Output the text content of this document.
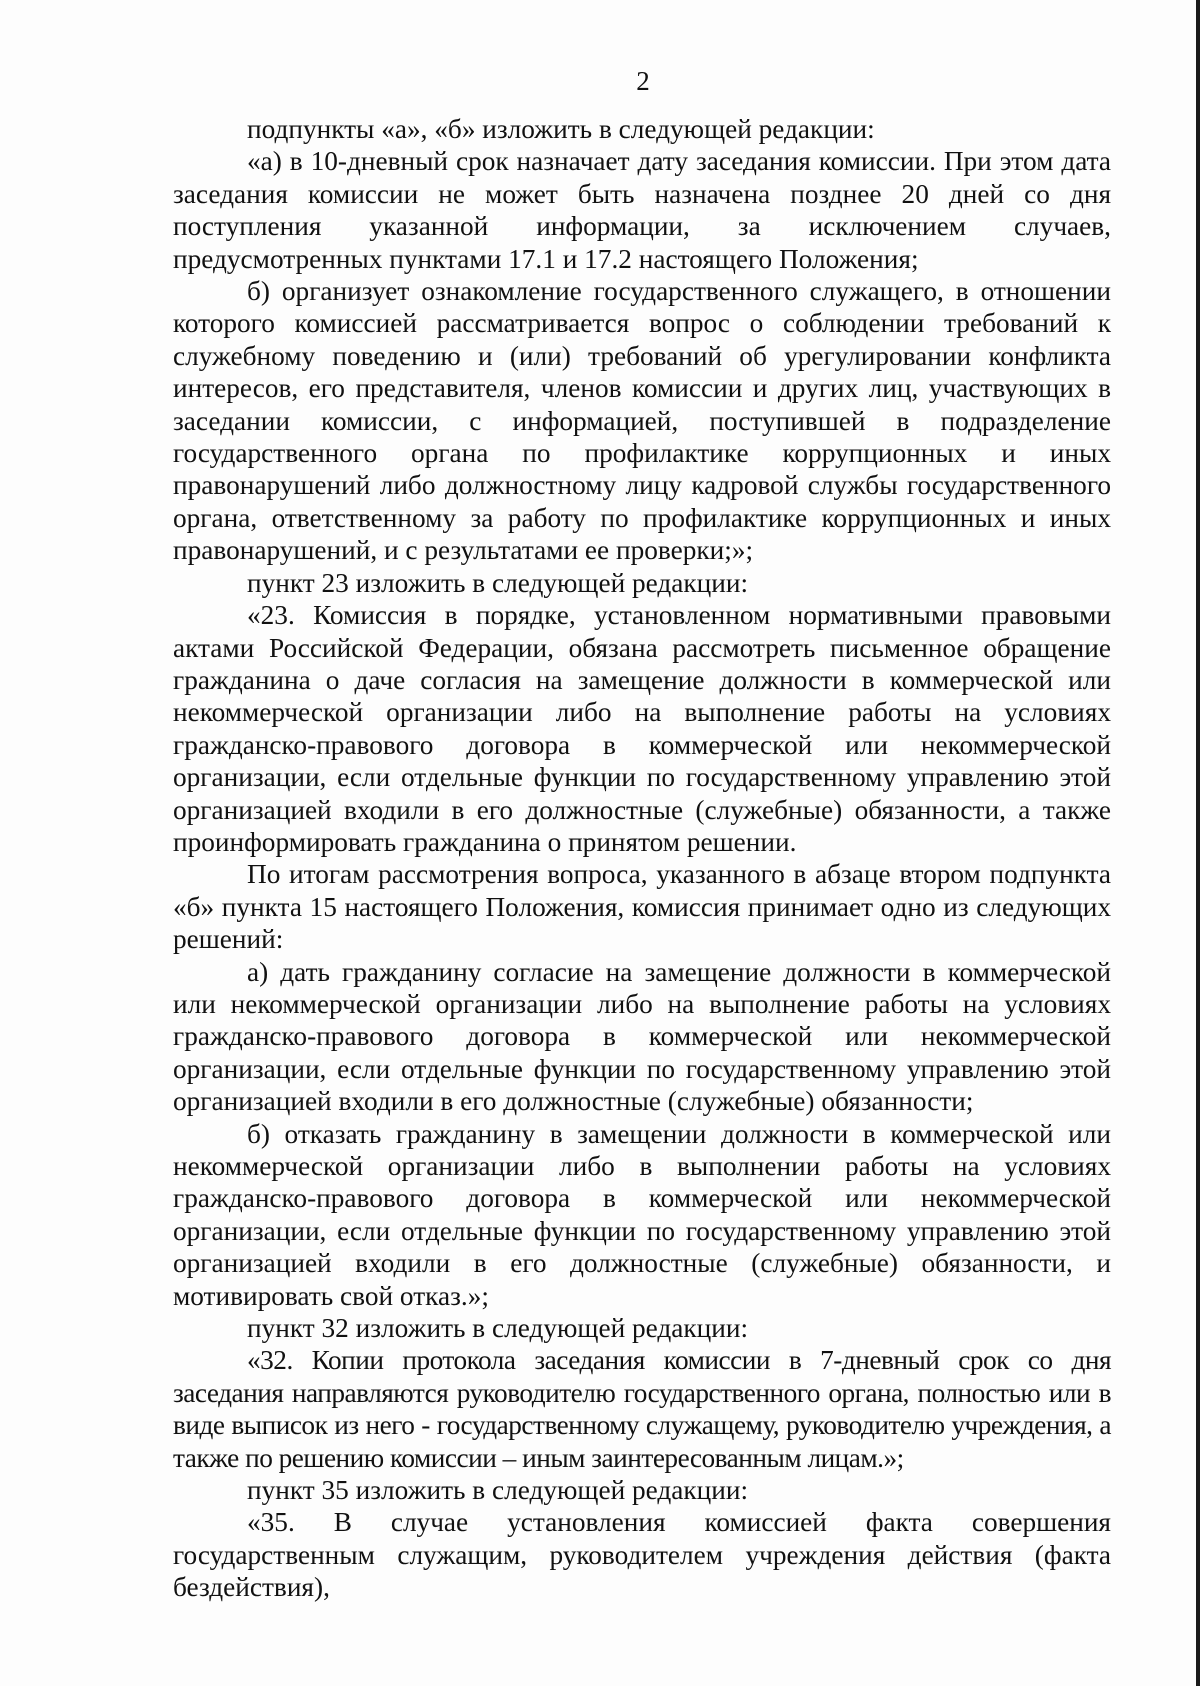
2

подпункты «а», «б» изложить в следующей редакции:

«а) в 10-дневный срок назначает дату заседания комиссии. При этом дата заседания комиссии не может быть назначена позднее 20 дней со дня поступления указанной информации, за исключением случаев, предусмотренных пунктами 17.1 и 17.2 настоящего Положения;

б) организует ознакомление государственного служащего, в отношении которого комиссией рассматривается вопрос о соблюдении требований к служебному поведению и (или) требований об урегулировании конфликта интересов, его представителя, членов комиссии и других лиц, участвующих в заседании комиссии, с информацией, поступившей в подразделение государственного органа по профилактике коррупционных и иных правонарушений либо должностному лицу кадровой службы государственного органа, ответственному за работу по профилактике коррупционных и иных правонарушений, и с результатами ее проверки;»;

пункт 23 изложить в следующей редакции:

«23. Комиссия в порядке, установленном нормативными правовыми актами Российской Федерации, обязана рассмотреть письменное обращение гражданина о даче согласия на замещение должности в коммерческой или некоммерческой организации либо на выполнение работы на условиях гражданско-правового договора в коммерческой или некоммерческой организации, если отдельные функции по государственному управлению этой организацией входили в его должностные (служебные) обязанности, а также проинформировать гражданина о принятом решении.

По итогам рассмотрения вопроса, указанного в абзаце втором подпункта «б» пункта 15 настоящего Положения, комиссия принимает одно из следующих решений:

а) дать гражданину согласие на замещение должности в коммерческой или некоммерческой организации либо на выполнение работы на условиях гражданско-правового договора в коммерческой или некоммерческой организации, если отдельные функции по государственному управлению этой организацией входили в его должностные (служебные) обязанности;

б) отказать гражданину в замещении должности в коммерческой или некоммерческой организации либо в выполнении работы на условиях гражданско-правового договора в коммерческой или некоммерческой организации, если отдельные функции по государственному управлению этой организацией входили в его должностные (служебные) обязанности, и мотивировать свой отказ.»;

пункт 32 изложить в следующей редакции:

«32. Копии протокола заседания комиссии в 7-дневный срок со дня заседания направляются руководителю государственного органа, полностью или в виде выписок из него - государственному служащему, руководителю учреждения, а также по решению комиссии – иным заинтересованным лицам.»;

пункт 35 изложить в следующей редакции:

«35. В случае установления комиссией факта совершения государственным служащим, руководителем учреждения действия (факта бездействия),
